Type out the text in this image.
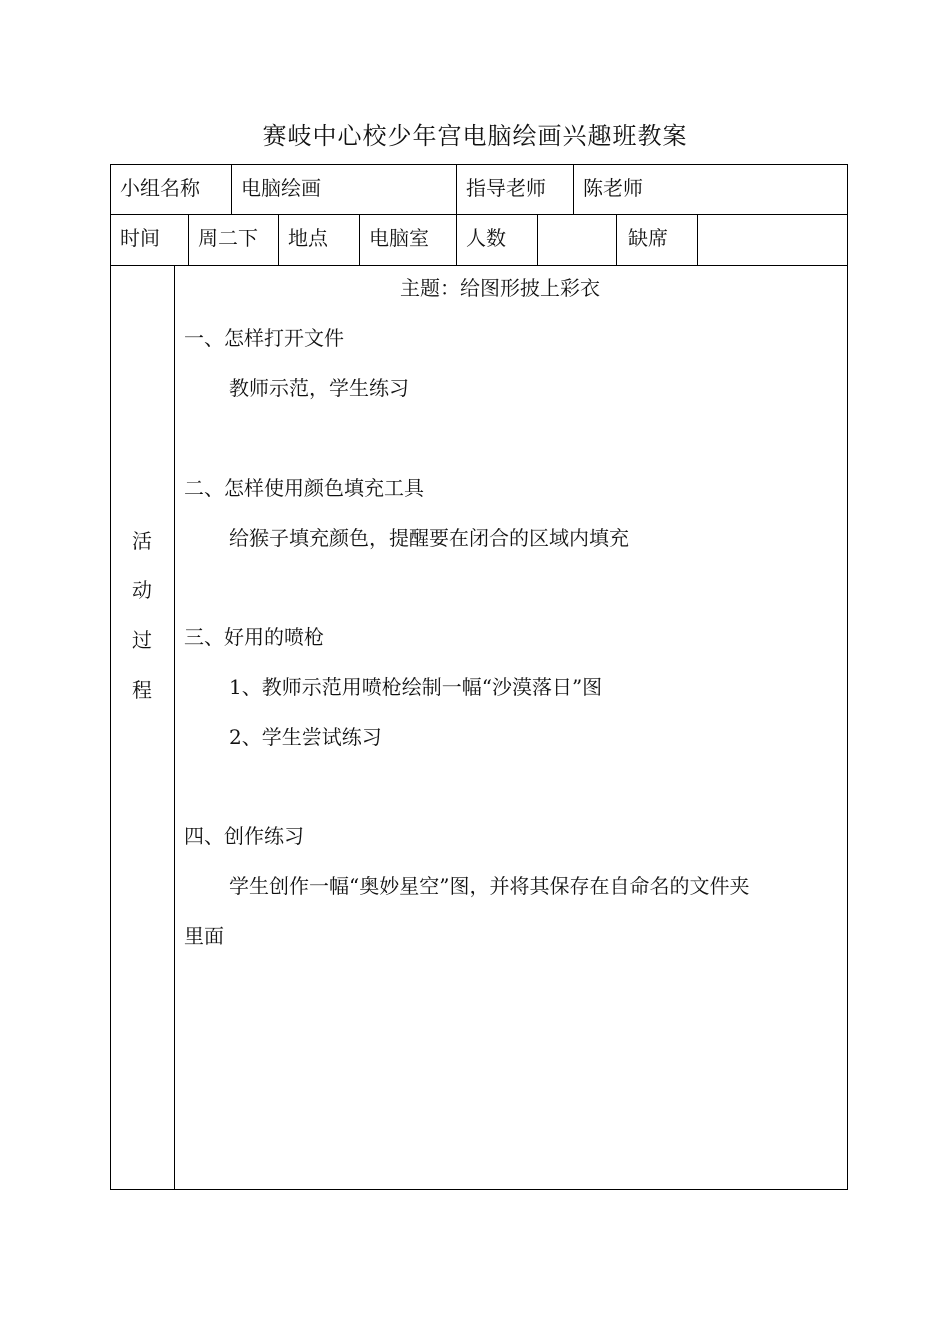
赛岐中心校少年宫电脑绘画兴趣班教案
小组名称 电脑绘画	指导老师 陈老师
时间 周二下 地点 电脑室 人数	缺席
活
动
过
程
主题：给图形披上彩衣
一、怎样打开文件
教师示范，学生练习
二、怎样使用颜色填充工具
给猴子填充颜色，提醒要在闭合的区域内填充
三、好用的喷枪
1、教师示范用喷枪绘制一幅“沙漠落日”图
2、学生尝试练习
四、创作练习
学生创作一幅“奥妙星空”图，并将其保存在自命名的文件夹
里面
